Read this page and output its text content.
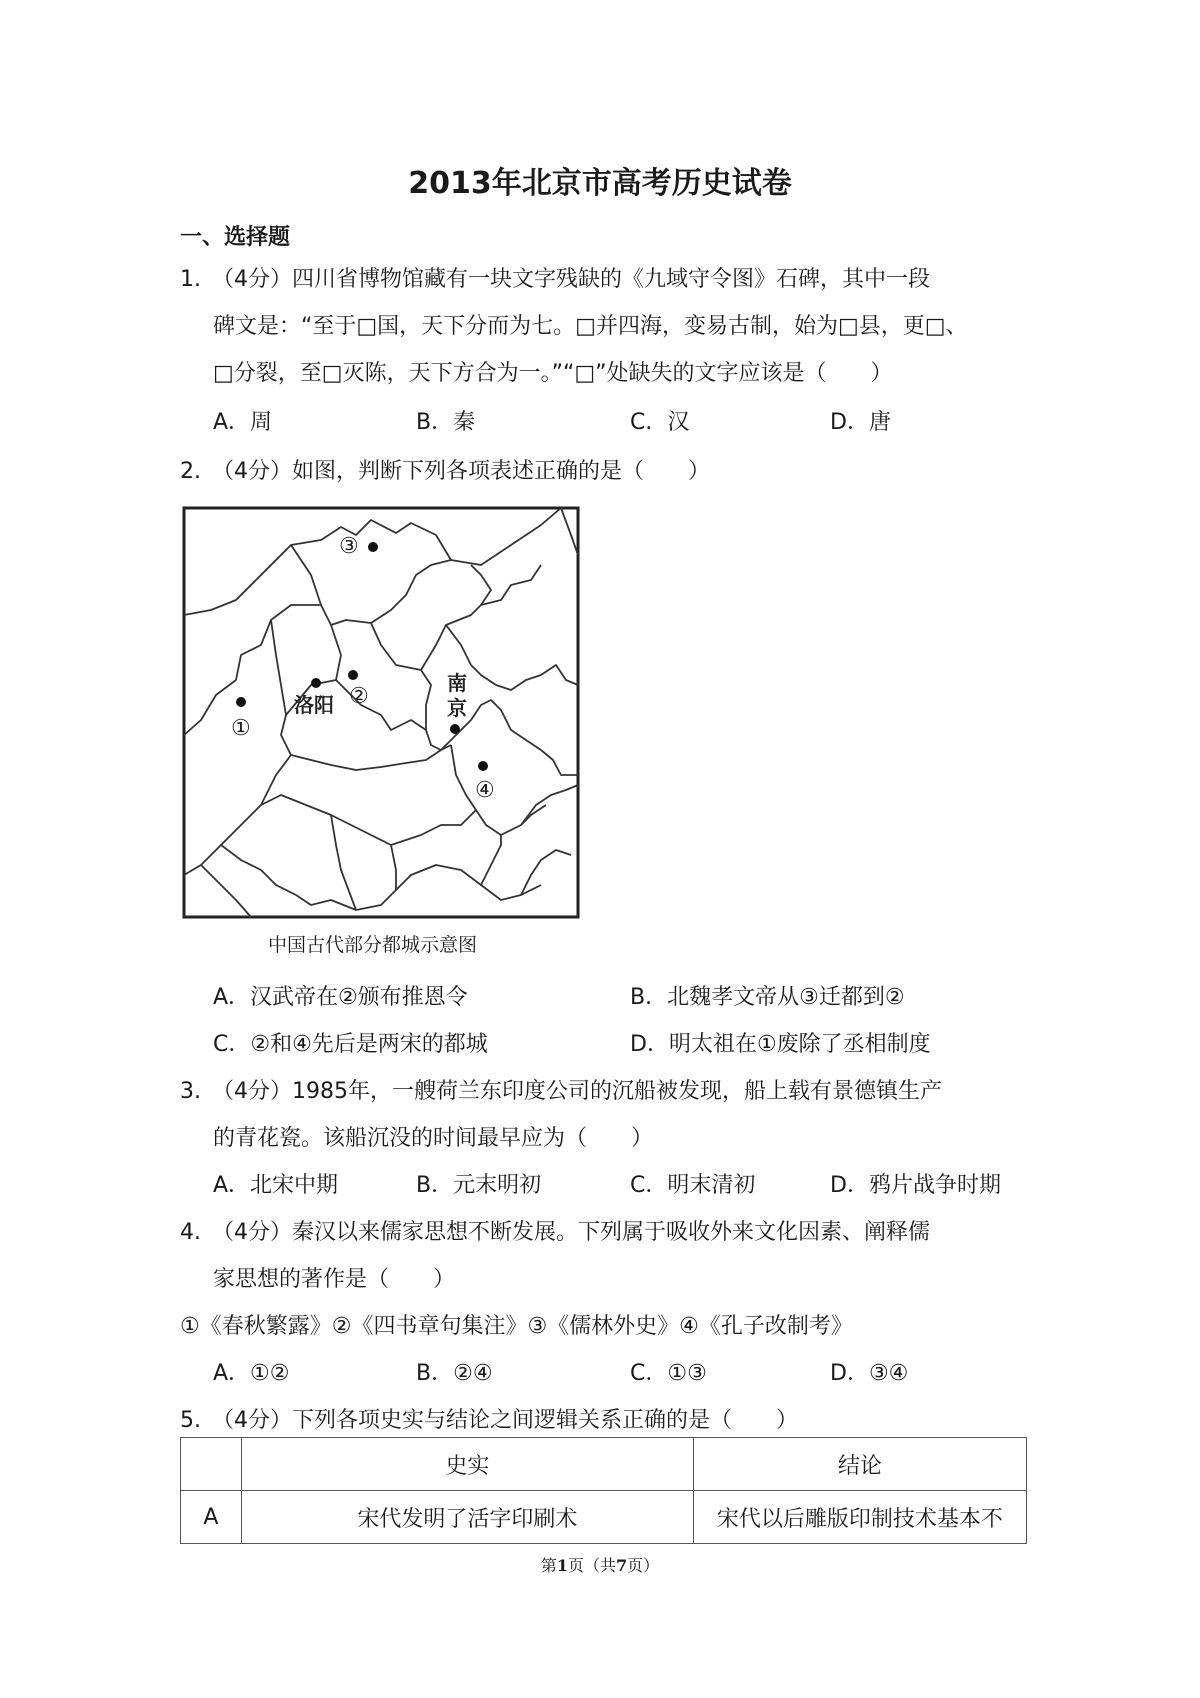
2013年北京市高考历史试卷
一、选择题
1.　（4分）四川省博物馆藏有一块文字残缺的《九域守令图》石碑，其中一段
碑文是：“至于□国，天下分而为七。□并四海，变易古制，始为□县，更□、
□分裂，至□灭陈，天下方合为一。”“□”处缺失的文字应该是（　　）
A．周	B．秦	C．汉	D．唐
2.　（4分）如图，判断下列各项表述正确的是（　　）
③
②
①
④
洛阳
南
京
中国古代部分都城示意图
A．汉武帝在②颁布推恩令	B．北魏孝文帝从③迁都到②
C．②和④先后是两宋的都城	D．明太祖在①废除了丞相制度
3.　（4分）1985年，一艘荷兰东印度公司的沉船被发现，船上载有景德镇生产
的青花瓷。该船沉没的时间最早应为（　　）
A．北宋中期	B．元末明初	C．明末清初	D．鸦片战争时期
4.　（4分）秦汉以来儒家思想不断发展。下列属于吸收外来文化因素、阐释儒
家思想的著作是（　　）
①《春秋繁露》②《四书章句集注》③《儒林外史》④《孔子改制考》
A．①②	B．②④	C．①③	D．③④
5.　（4分）下列各项史实与结论之间逻辑关系正确的是（　　）
	史实	结论
A	宋代发明了活字印刷术	宋代以后雕版印制技术基本不
第1页（共7页）
